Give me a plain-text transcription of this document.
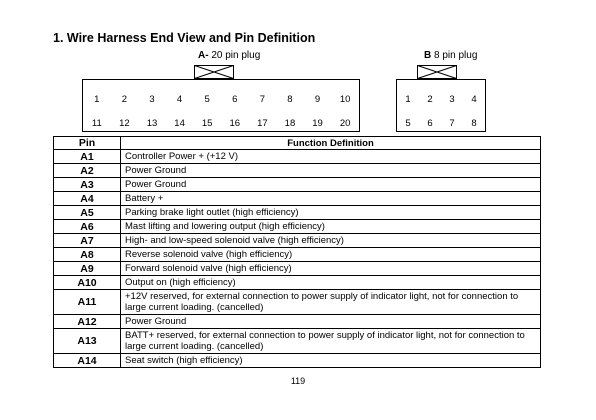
1. Wire Harness End View and Pin Definition
A- 20 pin plug
1	2	3	4	5	6	7	8	9	10
11	12	13	14	15	16	17	18	19	20
B 8 pin plug
1	2	3	4
5	6	7	8
Pin	Function Definition
A1	Controller Power + (+12 V)
A2	Power Ground
A3	Power Ground
A4	Battery +
A5	Parking brake light outlet (high efficiency)
A6	Mast lifting and lowering output (high efficiency)
A7	High- and low-speed solenoid valve (high efficiency)
A8	Reverse solenoid valve (high efficiency)
A9	Forward solenoid valve (high efficiency)
A10	Output on (high efficiency)
A11	+12V reserved, for external connection to power supply of indicator light, not for connection to large current loading. (cancelled)
A12	Power Ground
A13	BATT+ reserved, for external connection to power supply of indicator light, not for connection to large current loading. (cancelled)
A14	Seat switch (high efficiency)
119
